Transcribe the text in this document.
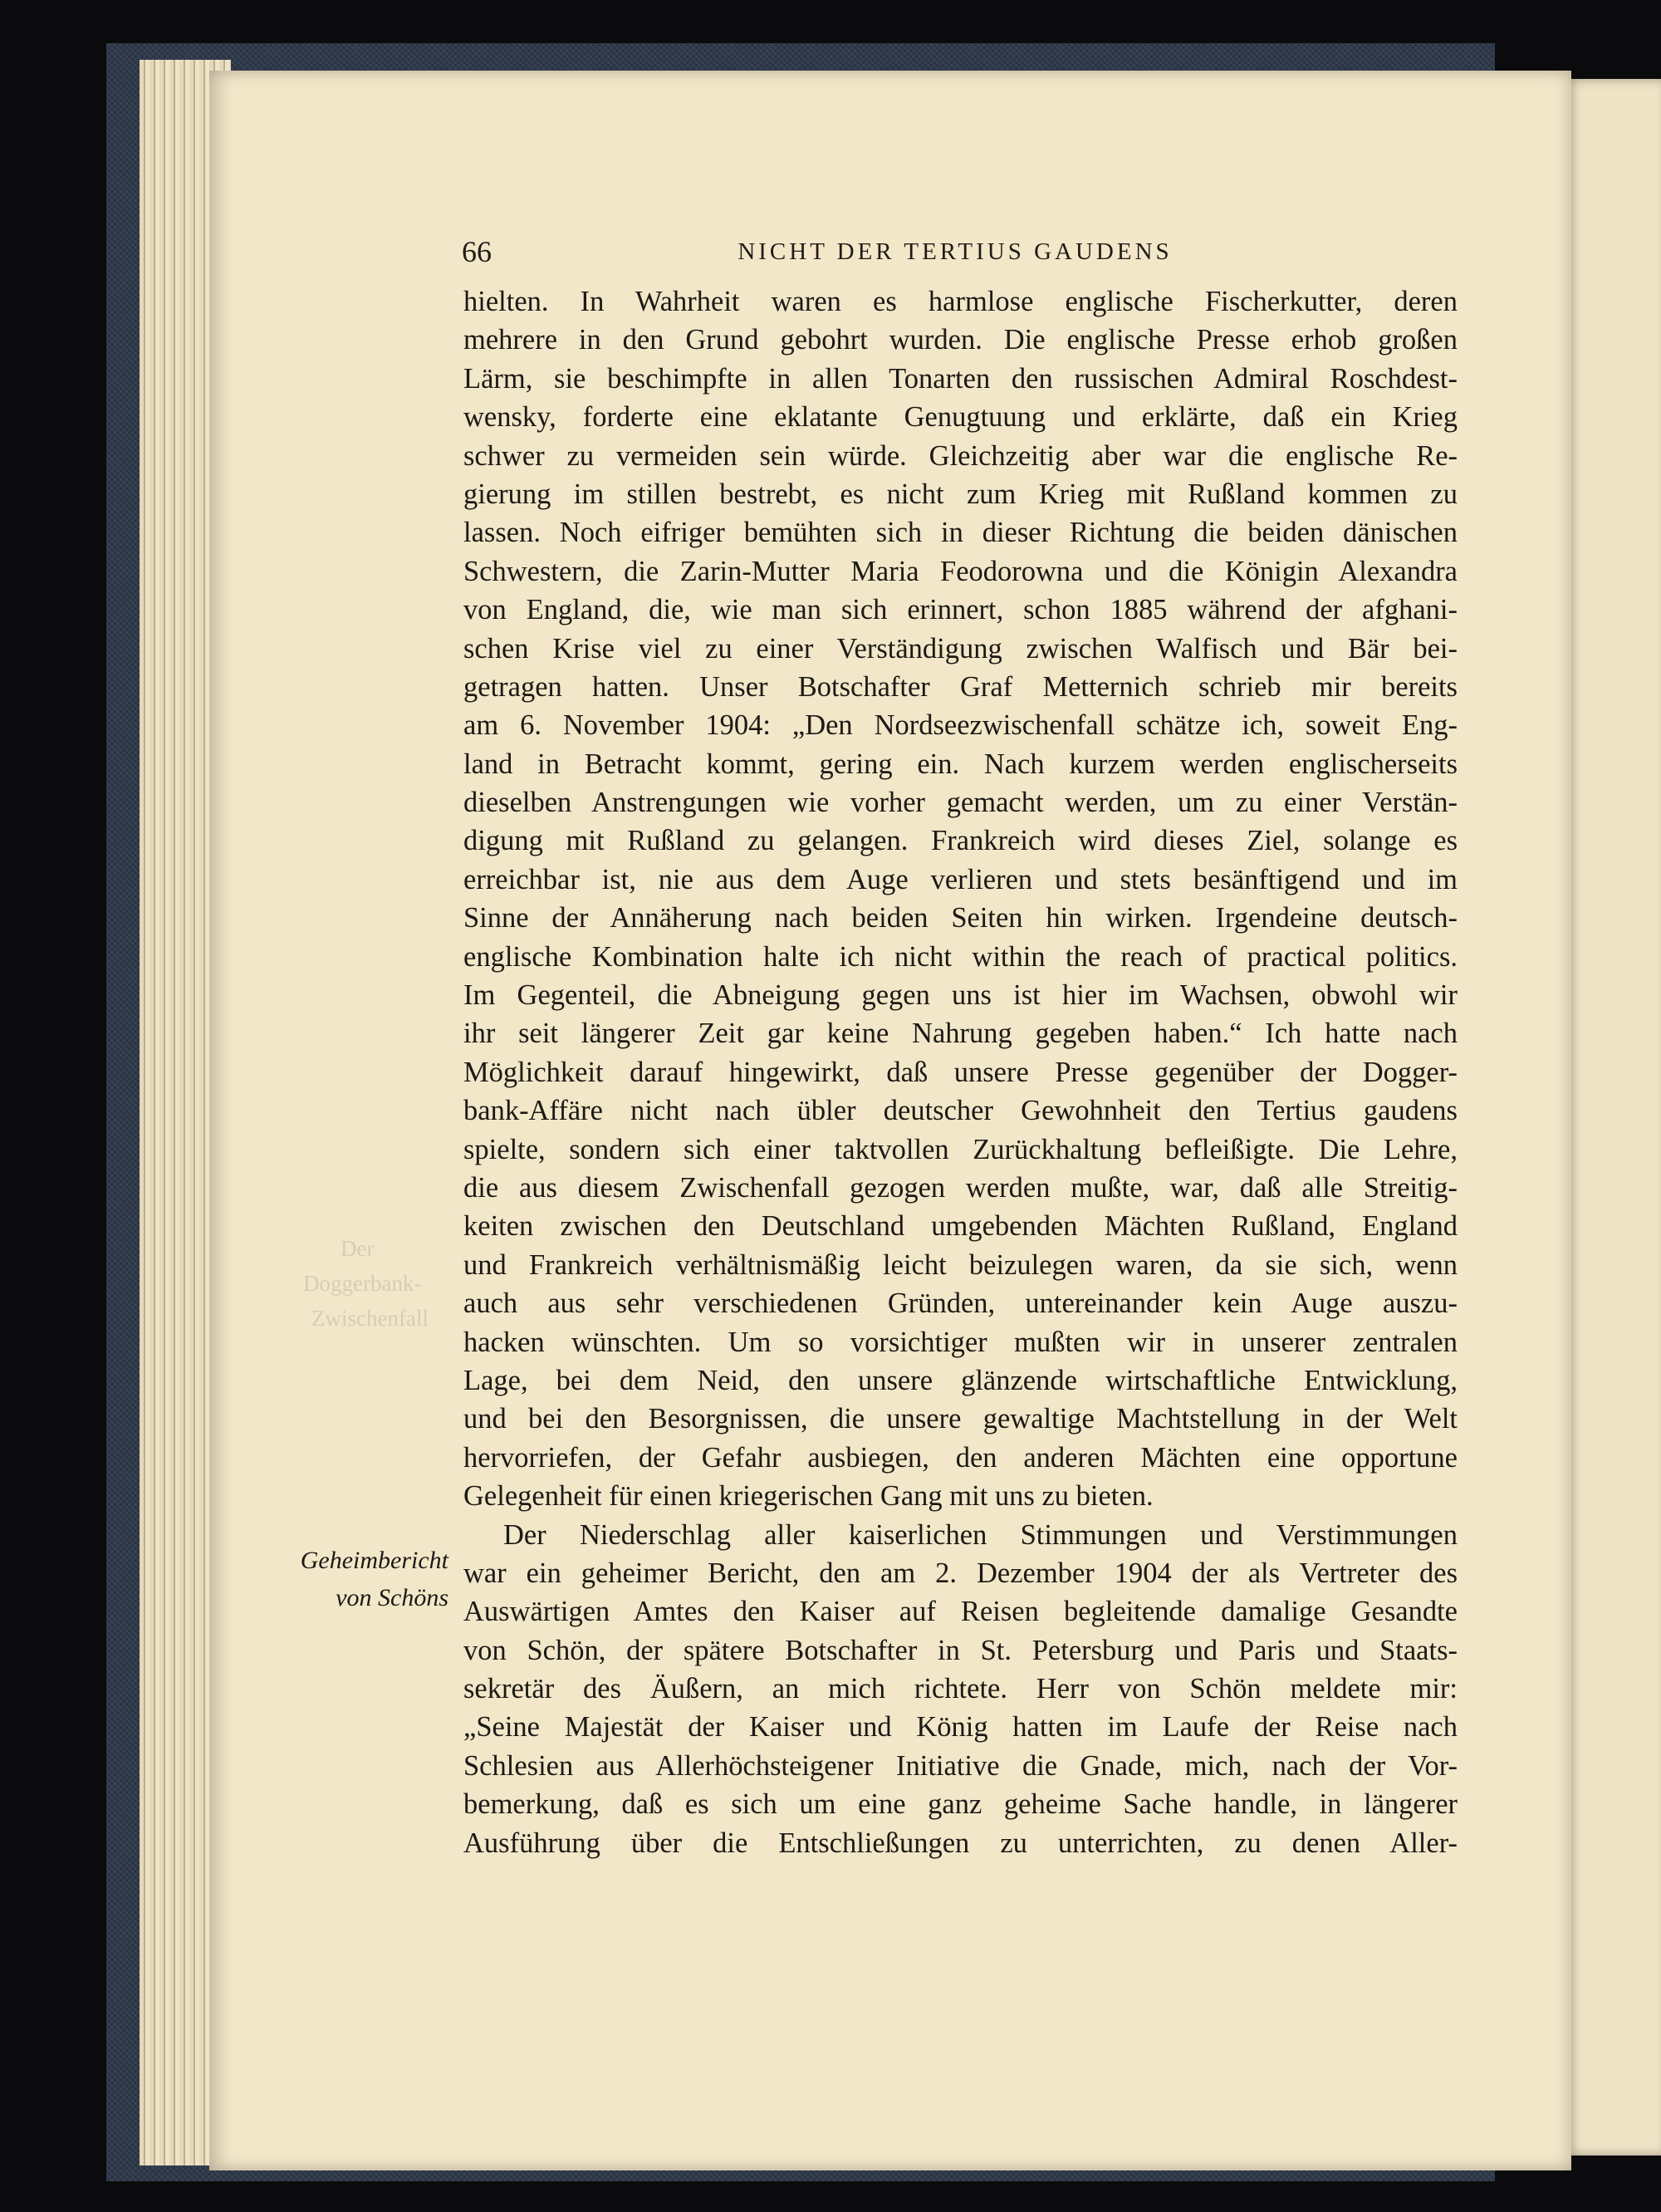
66	NICHT DER TERTIUS GAUDENS
Der
Doggerbank-
Zwischenfall
Geheimbericht
von Schöns
hielten. In Wahrheit waren es harmlose englische Fischerkutter, deren
mehrere in den Grund gebohrt wurden. Die englische Presse erhob großen
Lärm, sie beschimpfte in allen Tonarten den russischen Admiral Roschdest-
wensky, forderte eine eklatante Genugtuung und erklärte, daß ein Krieg
schwer zu vermeiden sein würde. Gleichzeitig aber war die englische Re-
gierung im stillen bestrebt, es nicht zum Krieg mit Rußland kommen zu
lassen. Noch eifriger bemühten sich in dieser Richtung die beiden dänischen
Schwestern, die Zarin-Mutter Maria Feodorowna und die Königin Alexandra
von England, die, wie man sich erinnert, schon 1885 während der afghani-
schen Krise viel zu einer Verständigung zwischen Walfisch und Bär bei-
getragen hatten. Unser Botschafter Graf Metternich schrieb mir bereits
am 6. November 1904: „Den Nordseezwischenfall schätze ich, soweit Eng-
land in Betracht kommt, gering ein. Nach kurzem werden englischerseits
dieselben Anstrengungen wie vorher gemacht werden, um zu einer Verstän-
digung mit Rußland zu gelangen. Frankreich wird dieses Ziel, solange es
erreichbar ist, nie aus dem Auge verlieren und stets besänftigend und im
Sinne der Annäherung nach beiden Seiten hin wirken. Irgendeine deutsch-
englische Kombination halte ich nicht within the reach of practical politics.
Im Gegenteil, die Abneigung gegen uns ist hier im Wachsen, obwohl wir
ihr seit längerer Zeit gar keine Nahrung gegeben haben.“ Ich hatte nach
Möglichkeit darauf hingewirkt, daß unsere Presse gegenüber der Dogger-
bank-Affäre nicht nach übler deutscher Gewohnheit den Tertius gaudens
spielte, sondern sich einer taktvollen Zurückhaltung befleißigte. Die Lehre,
die aus diesem Zwischenfall gezogen werden mußte, war, daß alle Streitig-
keiten zwischen den Deutschland umgebenden Mächten Rußland, England
und Frankreich verhältnismäßig leicht beizulegen waren, da sie sich, wenn
auch aus sehr verschiedenen Gründen, untereinander kein Auge auszu-
hacken wünschten. Um so vorsichtiger mußten wir in unserer zentralen
Lage, bei dem Neid, den unsere glänzende wirtschaftliche Entwicklung,
und bei den Besorgnissen, die unsere gewaltige Machtstellung in der Welt
hervorriefen, der Gefahr ausbiegen, den anderen Mächten eine opportune
Gelegenheit für einen kriegerischen Gang mit uns zu bieten.
Der Niederschlag aller kaiserlichen Stimmungen und Verstimmungen
war ein geheimer Bericht, den am 2. Dezember 1904 der als Vertreter des
Auswärtigen Amtes den Kaiser auf Reisen begleitende damalige Gesandte
von Schön, der spätere Botschafter in St. Petersburg und Paris und Staats-
sekretär des Äußern, an mich richtete. Herr von Schön meldete mir:
„Seine Majestät der Kaiser und König hatten im Laufe der Reise nach
Schlesien aus Allerhöchsteigener Initiative die Gnade, mich, nach der Vor-
bemerkung, daß es sich um eine ganz geheime Sache handle, in längerer
Ausführung über die Entschließungen zu unterrichten, zu denen Aller-
